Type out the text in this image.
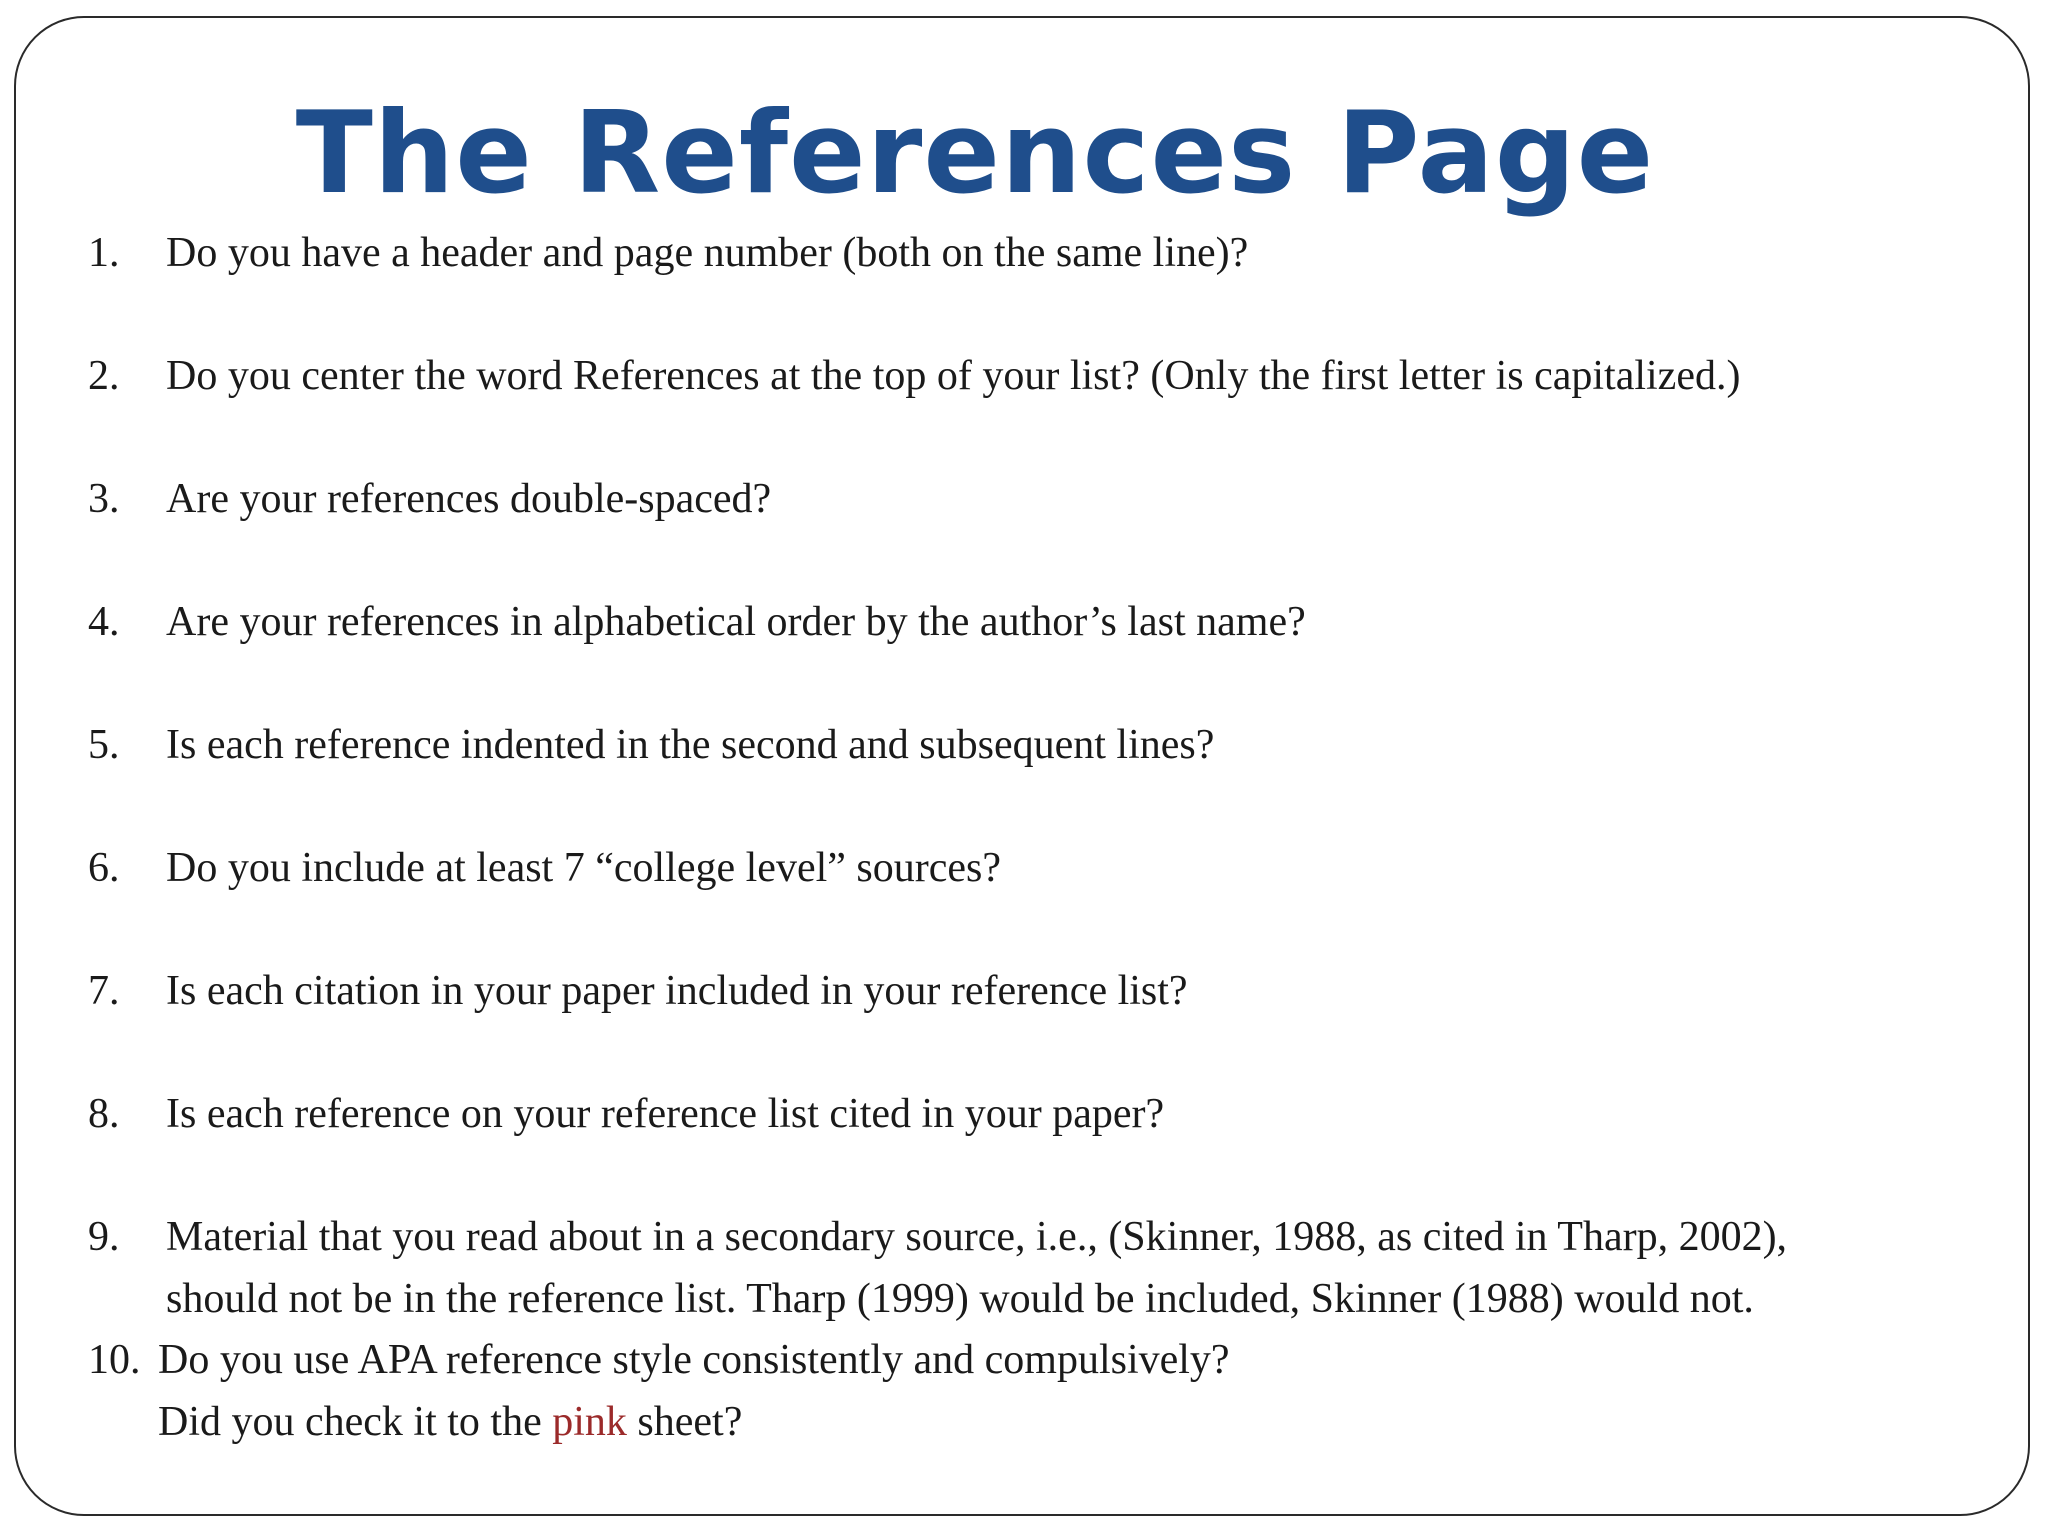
The References Page
1. Do you have a header and page number (both on the same line)?
2. Do you center the word References at the top of your list? (Only the first letter is capitalized.)
3. Are your references double-spaced?
4. Are your references in alphabetical order by the author’s last name?
5. Is each reference indented in the second and subsequent lines?
6. Do you include at least 7 “college level” sources?
7. Is each citation in your paper included in your reference list?
8. Is each reference on your reference list cited in your paper?
9. Material that you read about in a secondary source, i.e., (Skinner, 1988, as cited in Tharp, 2002),
should not be in the reference list. Tharp (1999) would be included, Skinner (1988) would not.
10. Do you use APA reference style consistently and compulsively?
Did you check it to the pink sheet?
